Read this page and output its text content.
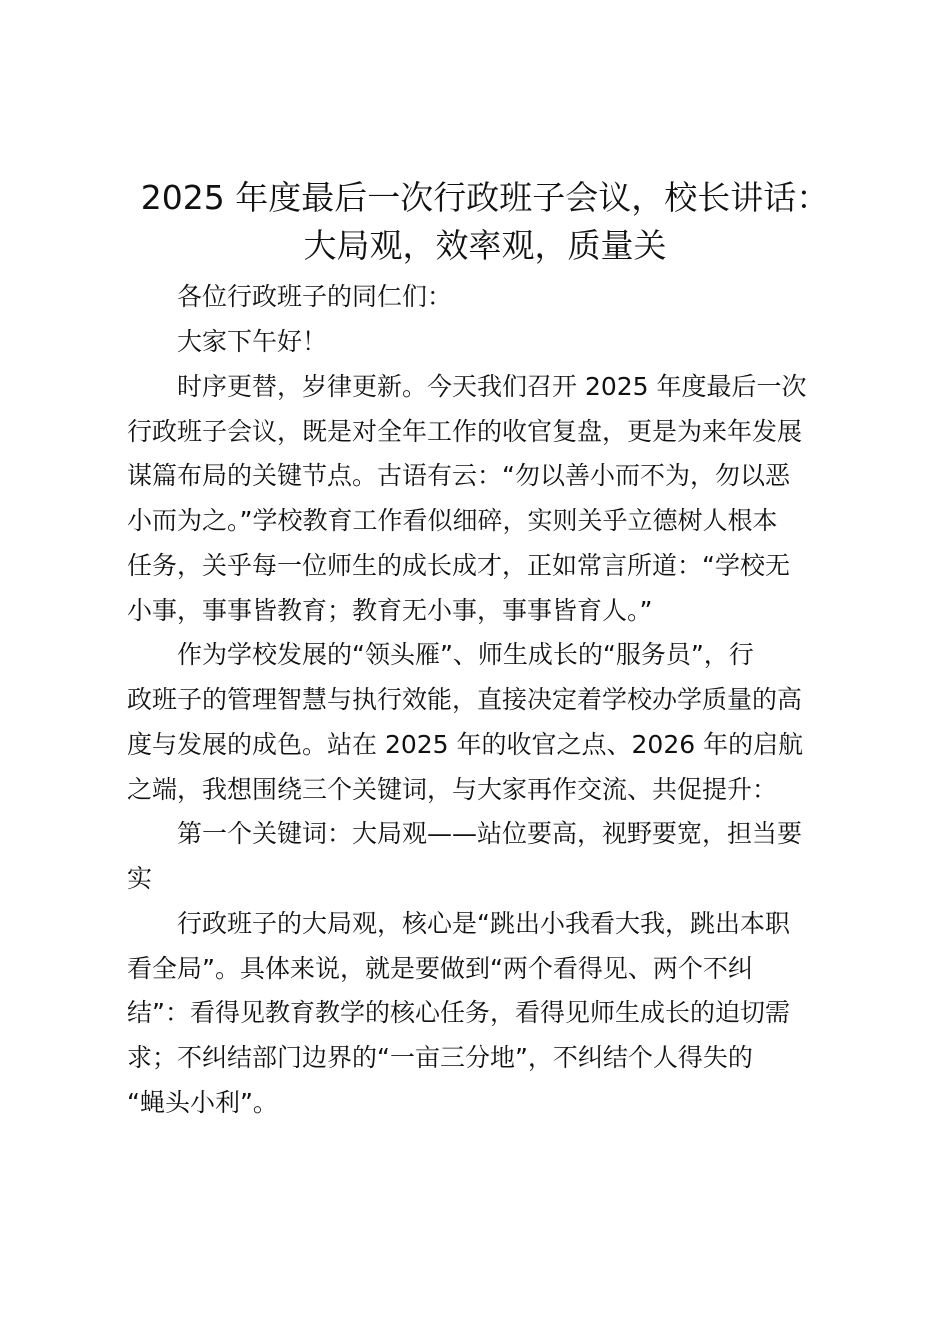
2025 年度最后一次行政班子会议，校长讲话：
大局观，效率观，质量关
各位行政班子的同仁们：
大家下午好！
时序更替，岁律更新。今天我们召开 2025 年度最后一次
行政班子会议，既是对全年工作的收官复盘，更是为来年发展
谋篇布局的关键节点。古语有云：“勿以善小而不为，勿以恶
小而为之。”学校教育工作看似细碎，实则关乎立德树人根本
任务，关乎每一位师生的成长成才，正如常言所道：“学校无
小事，事事皆教育；教育无小事，事事皆育人。”
作为学校发展的“领头雁”、师生成长的“服务员”，行
政班子的管理智慧与执行效能，直接决定着学校办学质量的高
度与发展的成色。站在 2025 年的收官之点、2026 年的启航
之端，我想围绕三个关键词，与大家再作交流、共促提升：
第一个关键词：大局观——站位要高，视野要宽，担当要
实
行政班子的大局观，核心是“跳出小我看大我，跳出本职
看全局”。具体来说，就是要做到“两个看得见、两个不纠
结”：看得见教育教学的核心任务，看得见师生成长的迫切需
求；不纠结部门边界的“一亩三分地”，不纠结个人得失的
“蝇头小利”。
